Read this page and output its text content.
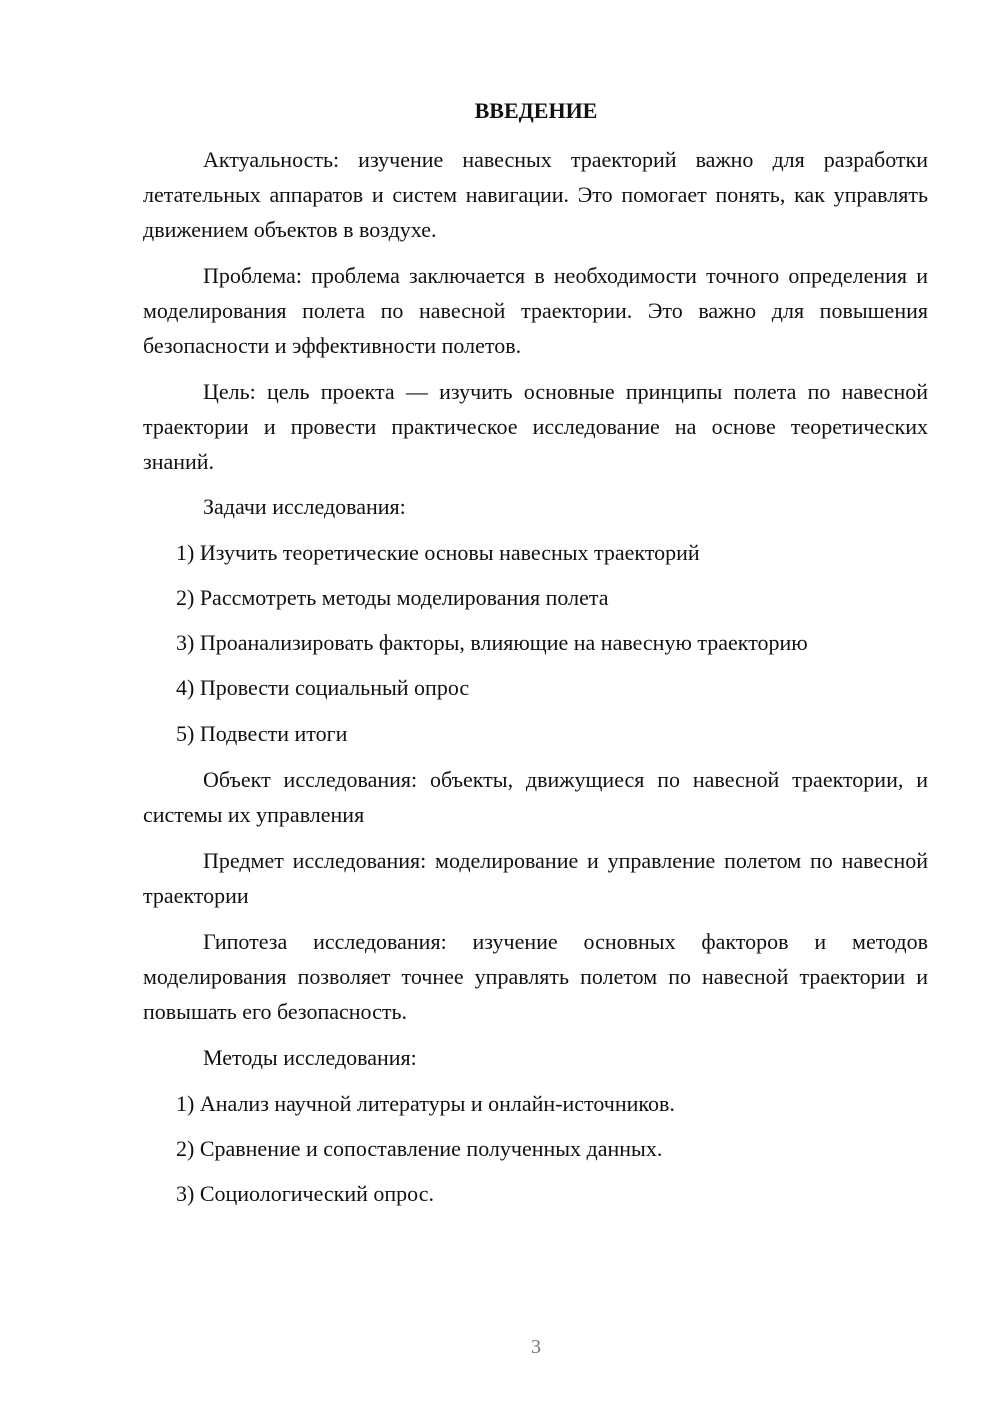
ВВЕДЕНИЕ

Актуальность: изучение навесных траекторий важно для разработки летательных аппаратов и систем навигации. Это помогает понять, как управлять движением объектов в воздухе.

Проблема: проблема заключается в необходимости точного определения и моделирования полета по навесной траектории. Это важно для повышения безопасности и эффективности полетов.

Цель: цель проекта — изучить основные принципы полета по навесной траектории и провести практическое исследование на основе теоретических знаний.

Задачи исследования:

1) Изучить теоретические основы навесных траекторий

2) Рассмотреть методы моделирования полета

3) Проанализировать факторы, влияющие на навесную траекторию

4) Провести социальный опрос

5) Подвести итоги

Объект исследования: объекты, движущиеся по навесной траектории, и системы их управления

Предмет исследования: моделирование и управление полетом по навесной траектории

Гипотеза исследования: изучение основных факторов и методов моделирования позволяет точнее управлять полетом по навесной траектории и повышать его безопасность.

Методы исследования:

1) Анализ научной литературы и онлайн-источников.

2) Сравнение и сопоставление полученных данных.

3) Социологический опрос.

3
